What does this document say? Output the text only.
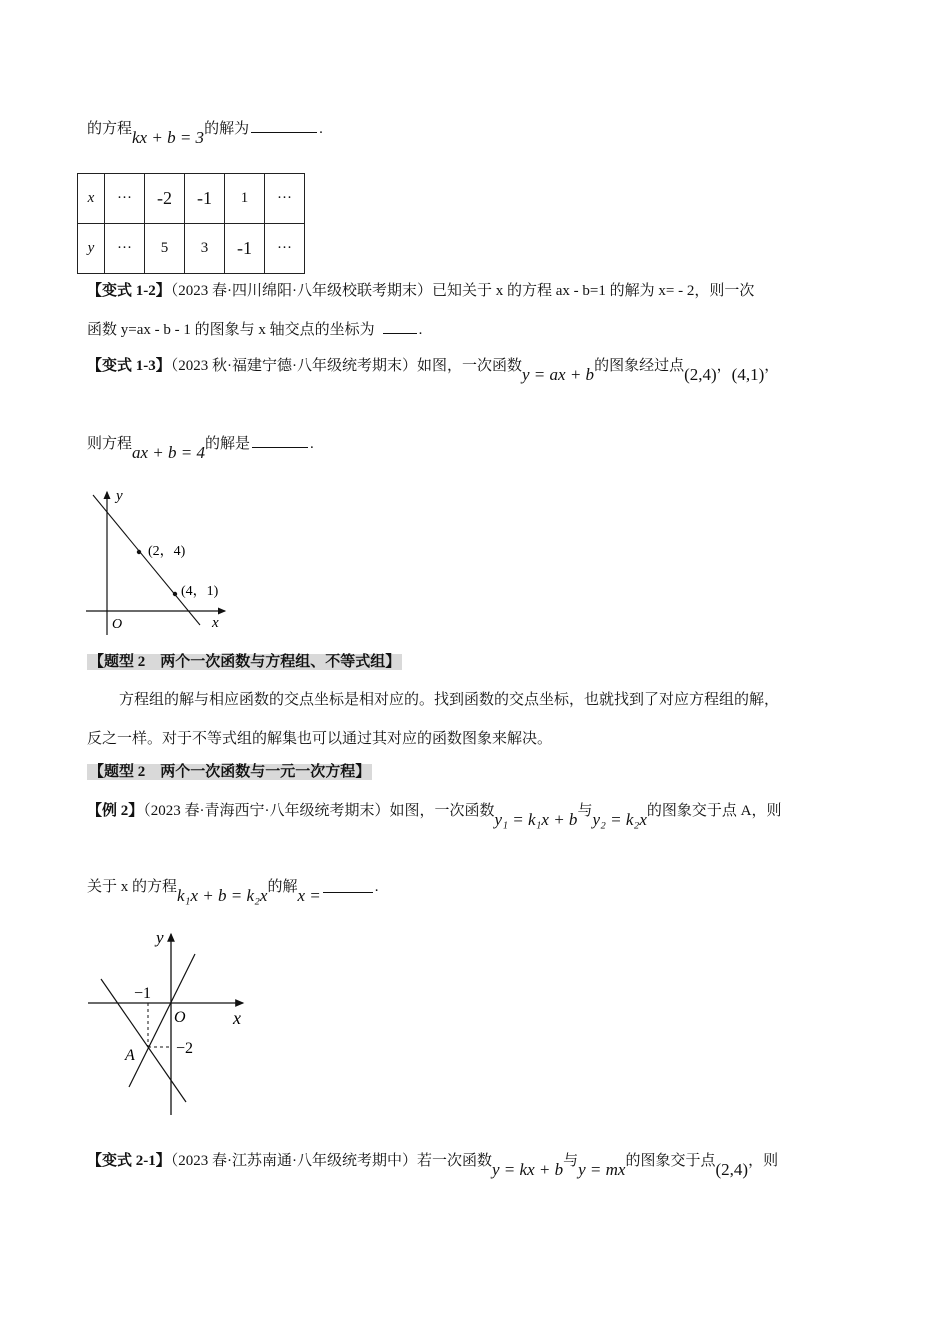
的方程kx + b = 3的解为	.
x	···	-2	-1	1	···
y	···	5	3	-1	···
【变式 1-2】（2023 春·四川绵阳·八年级校联考期末）已知关于 x 的方程 ax - b=1 的解为 x= - 2，则一次
函数 y=ax - b - 1 的图象与 x 轴交点的坐标为	.
【变式 1-3】（2023 秋·福建宁德·八年级统考期末）如图，一次函数y = ax + b的图象经过点(2,4)，(4,1)，
则方程ax + b = 4的解是	.
y
x
O
(2，4)
(4，1)
【题型 2　两个一次函数与方程组、不等式组】
方程组的解与相应函数的交点坐标是相对应的。找到函数的交点坐标，也就找到了对应方程组的解，
反之一样。对于不等式组的解集也可以通过其对应的函数图象来解决。
【题型 2　两个一次函数与一元一次方程】
【例 2】（2023 春·青海西宁·八年级统考期末）如图，一次函数y₁ = k₁x + b与y₂ = k₂x的图象交于点 A，则
关于 x 的方程k₁x + b = k₂x的解x =	.
y
x
O
−1
−2
A
【变式 2-1】（2023 春·江苏南通·八年级统考期中）若一次函数y = kx + b与y = mx的图象交于点(2,4)，则
